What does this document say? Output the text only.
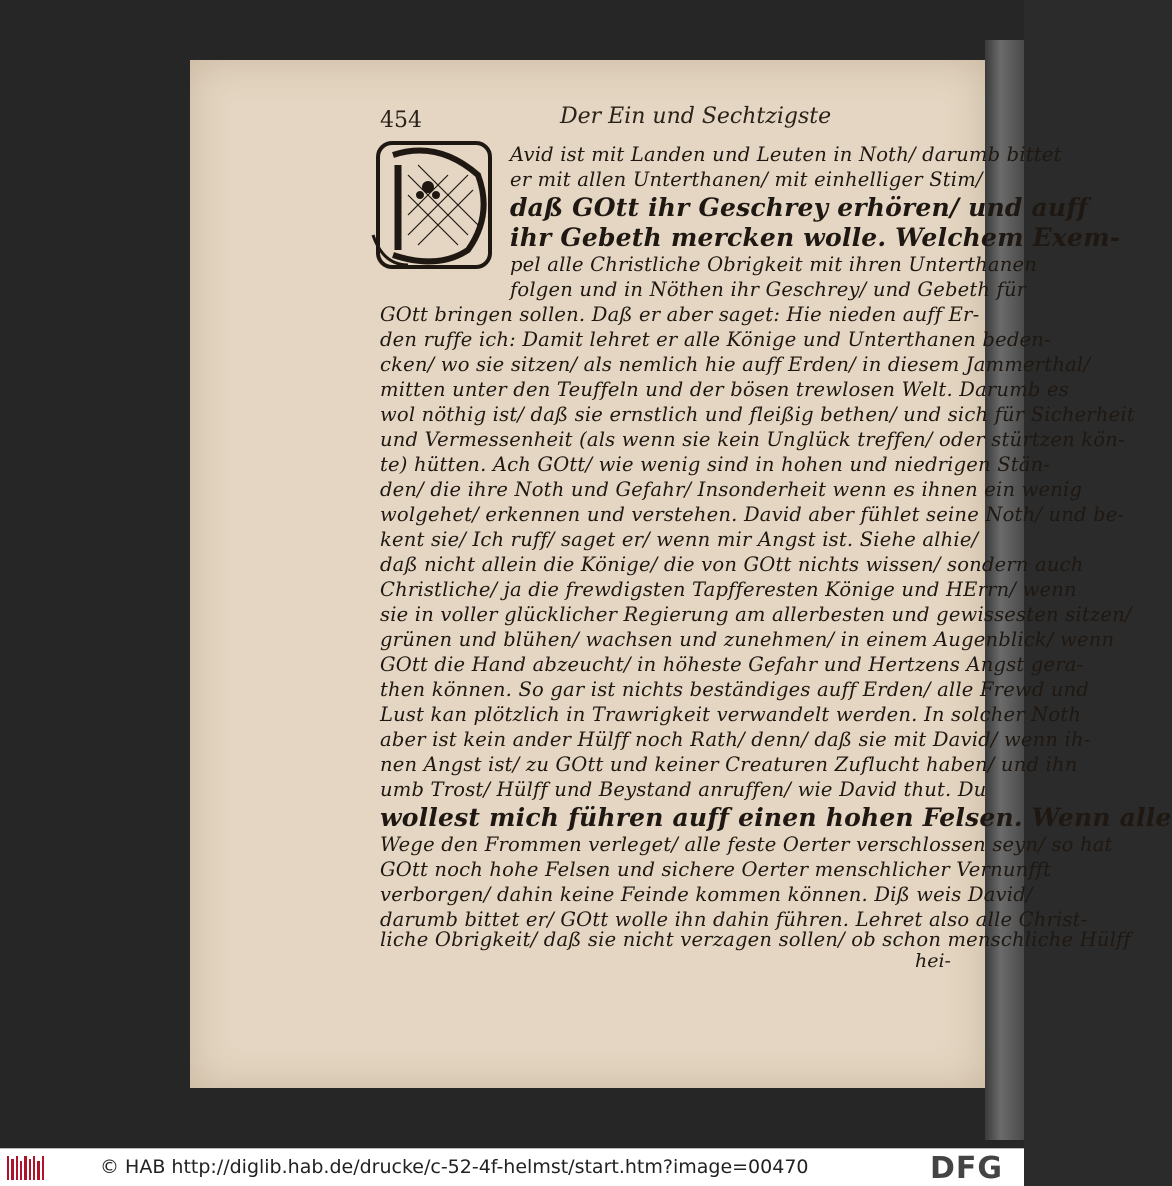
454	Der Ein und Sechtzigste
Avid ist mit Landen und Leuten in Noth/ darumb bittet
er mit allen Unterthanen/ mit einhelliger Stim/
daß GOtt ihr Geschrey erhören/ und auff
ihr Gebeth mercken wolle. Welchem Exem-
pel alle Christliche Obrigkeit mit ihren Unterthanen
folgen und in Nöthen ihr Geschrey/ und Gebeth für
GOtt bringen sollen. Daß er aber saget: Hie nieden auff Er-
den ruffe ich: Damit lehret er alle Könige und Unterthanen beden-
cken/ wo sie sitzen/ als nemlich hie auff Erden/ in diesem Jammerthal/
mitten unter den Teuffeln und der bösen trewlosen Welt. Darumb es
wol nöthig ist/ daß sie ernstlich und fleißig bethen/ und sich für Sicherheit
und Vermessenheit (als wenn sie kein Unglück treffen/ oder stürtzen kön-
te) hütten. Ach GOtt/ wie wenig sind in hohen und niedrigen Stän-
den/ die ihre Noth und Gefahr/ Insonderheit wenn es ihnen ein wenig
wolgehet/ erkennen und verstehen. David aber fühlet seine Noth/ und be-
kent sie/ Ich ruff/ saget er/ wenn mir Angst ist. Siehe alhie/
daß nicht allein die Könige/ die von GOtt nichts wissen/ sondern auch
Christliche/ ja die frewdigsten Tapfferesten Könige und HErrn/ wenn
sie in voller glücklicher Regierung am allerbesten und gewissesten sitzen/
grünen und blühen/ wachsen und zunehmen/ in einem Augenblick/ wenn
GOtt die Hand abzeucht/ in höheste Gefahr und Hertzens Angst gera-
then können. So gar ist nichts beständiges auff Erden/ alle Frewd und
Lust kan plötzlich in Trawrigkeit verwandelt werden. In solcher Noth
aber ist kein ander Hülff noch Rath/ denn/ daß sie mit David/ wenn ih-
nen Angst ist/ zu GOtt und keiner Creaturen Zuflucht haben/ und ihn
umb Trost/ Hülff und Beystand anruffen/ wie David thut. Du
wollest mich führen auff einen hohen Felsen. Wenn alle
Wege den Frommen verleget/ alle feste Oerter verschlossen seyn/ so hat
GOtt noch hohe Felsen und sichere Oerter menschlicher Vernunfft
verborgen/ dahin keine Feinde kommen können. Diß weis David/
darumb bittet er/ GOtt wolle ihn dahin führen. Lehret also alle Christ-
liche Obrigkeit/ daß sie nicht verzagen sollen/ ob schon menschliche Hülff
hei-
© HAB http://diglib.hab.de/drucke/c-52-4f-helmst/start.htm?image=00470	DFG
